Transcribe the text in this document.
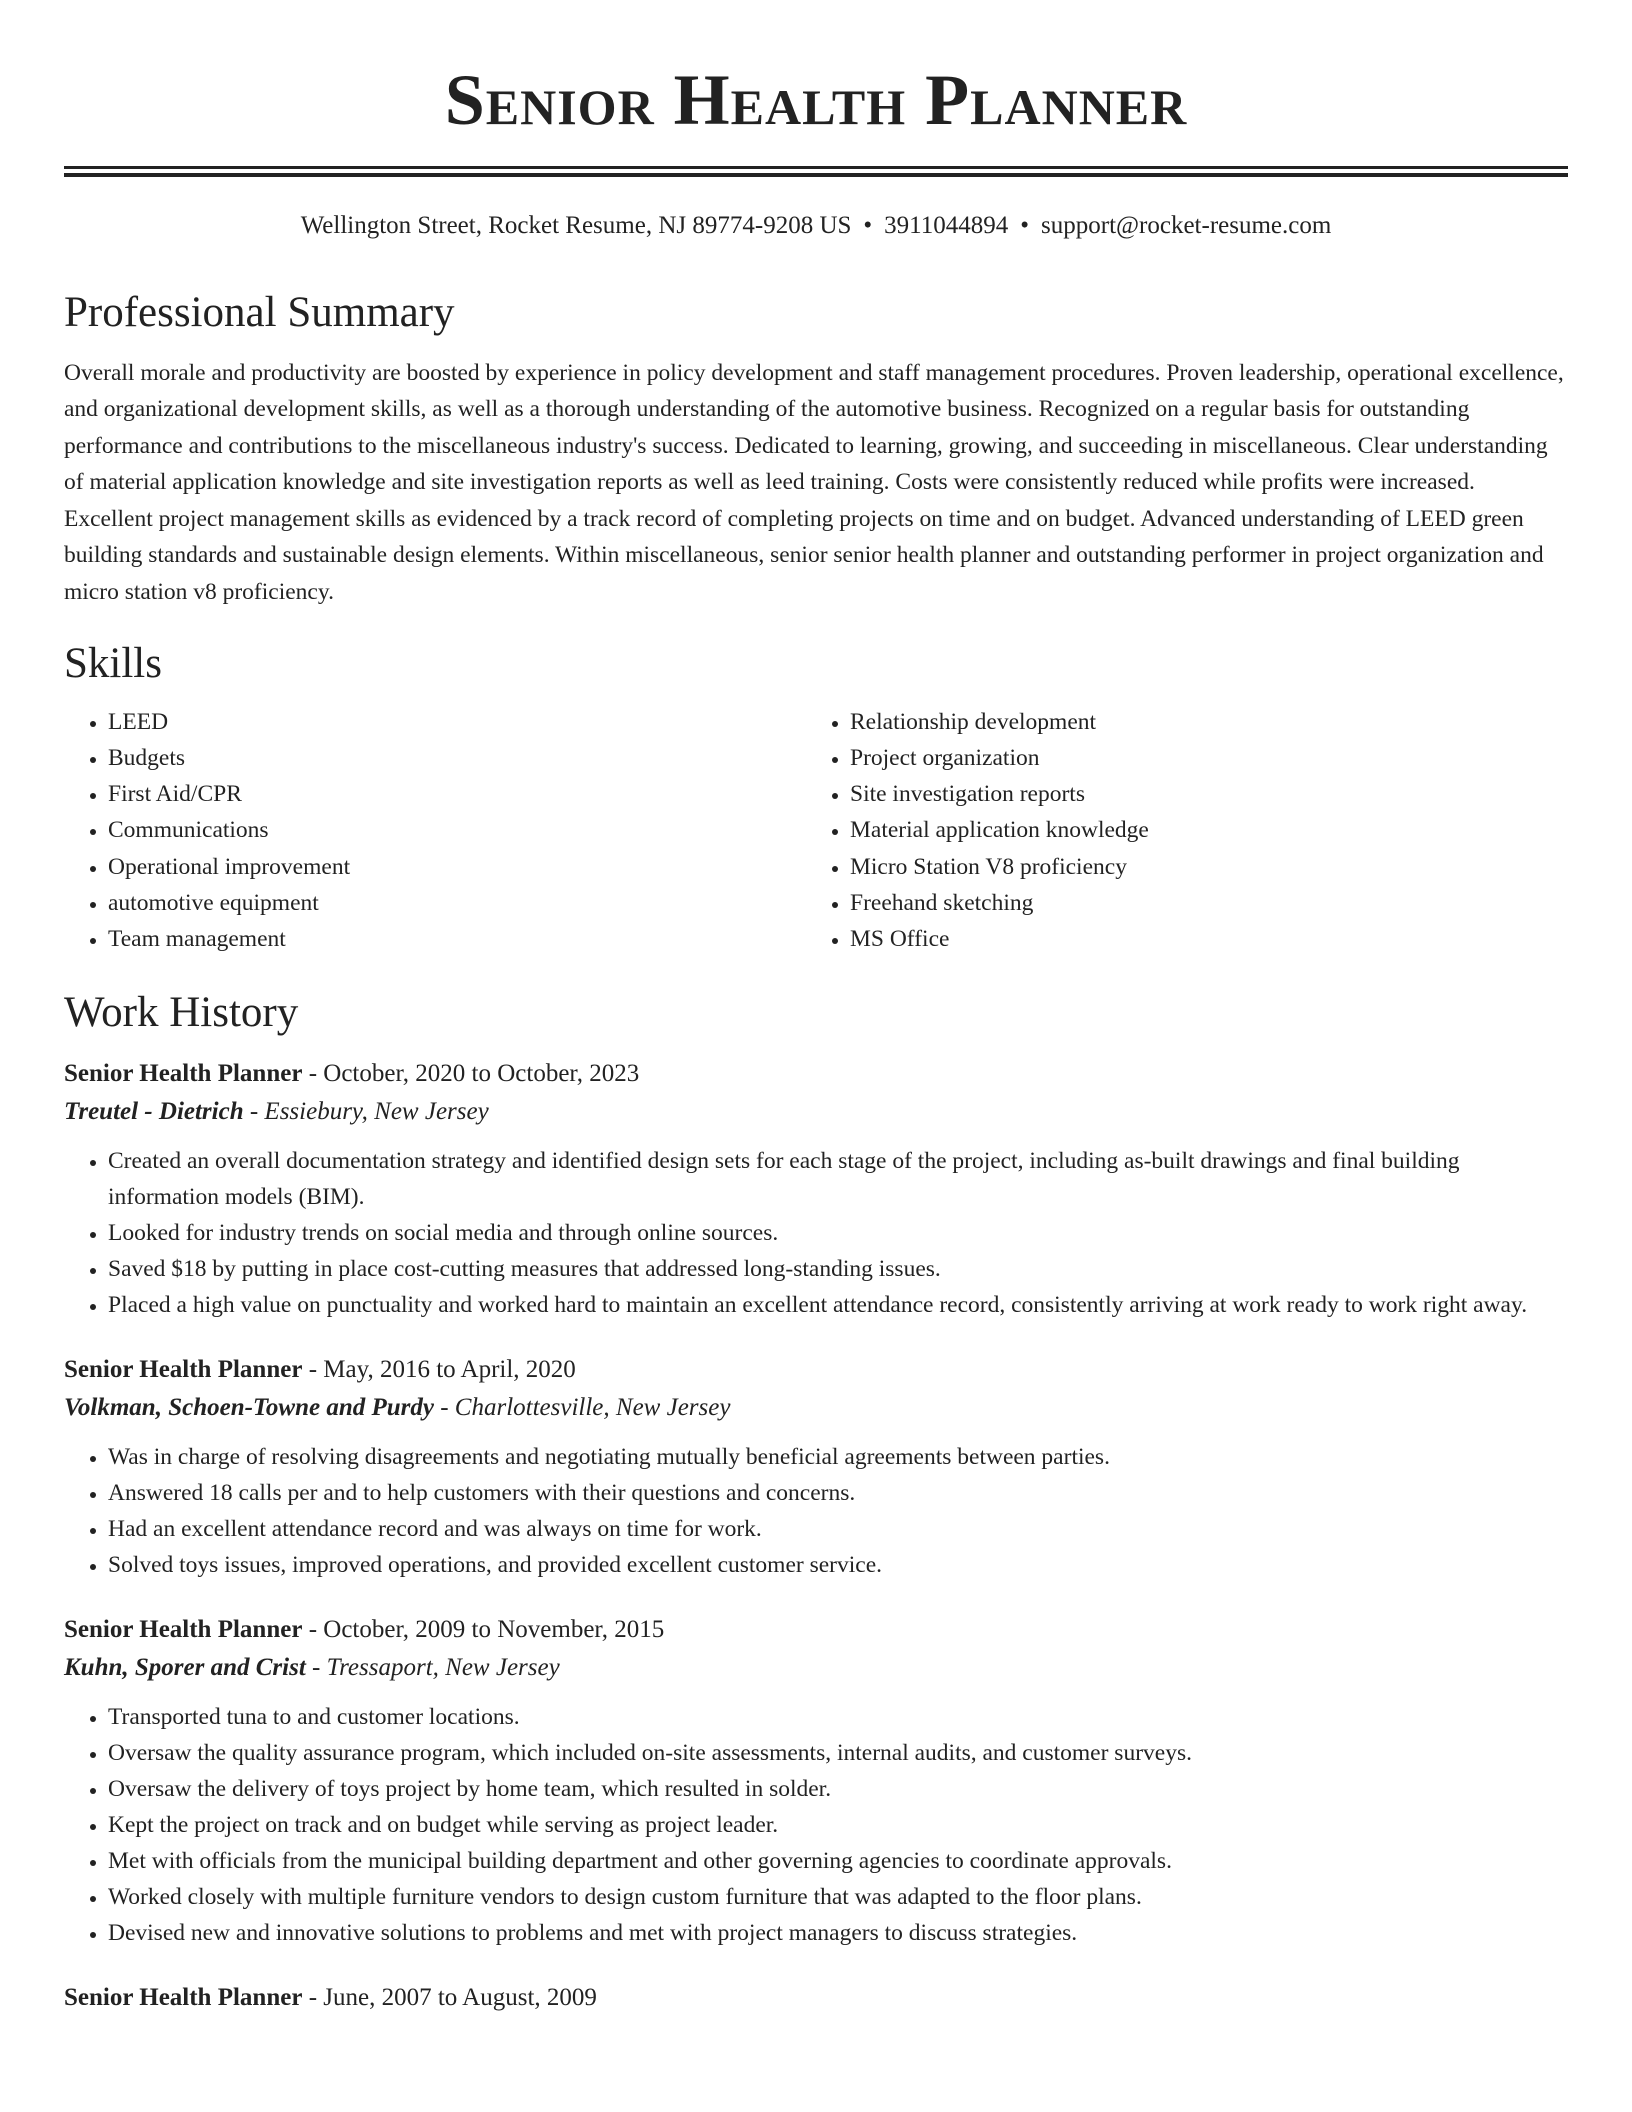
Senior Health Planner
Wellington Street, Rocket Resume, NJ 89774-9208 US • 3911044894 • support@rocket-resume.com
Professional Summary

Overall morale and productivity are boosted by experience in policy development and staff management procedures. Proven leadership, operational excellence, and organizational development skills, as well as a thorough understanding of the automotive business. Recognized on a regular basis for outstanding performance and contributions to the miscellaneous industry's success. Dedicated to learning, growing, and succeeding in miscellaneous. Clear understanding of material application knowledge and site investigation reports as well as leed training. Costs were consistently reduced while profits were increased. Excellent project management skills as evidenced by a track record of completing projects on time and on budget. Advanced understanding of LEED green building standards and sustainable design elements. Within miscellaneous, senior senior health planner and outstanding performer in project organization and micro station v8 proficiency.

Skills
• LEED
• Budgets
• First Aid/CPR
• Communications
• Operational improvement
• automotive equipment
• Team management
• Relationship development
• Project organization
• Site investigation reports
• Material application knowledge
• Micro Station V8 proficiency
• Freehand sketching
• MS Office
Work History
Senior Health Planner - October, 2020 to October, 2023
Treutel - Dietrich - Essiebury, New Jersey
• Created an overall documentation strategy and identified design sets for each stage of the project, including as-built drawings and final building information models (BIM).
• Looked for industry trends on social media and through online sources.
• Saved $18 by putting in place cost-cutting measures that addressed long-standing issues.
• Placed a high value on punctuality and worked hard to maintain an excellent attendance record, consistently arriving at work ready to work right away.
Senior Health Planner - May, 2016 to April, 2020
Volkman, Schoen-Towne and Purdy - Charlottesville, New Jersey
• Was in charge of resolving disagreements and negotiating mutually beneficial agreements between parties.
• Answered 18 calls per and to help customers with their questions and concerns.
• Had an excellent attendance record and was always on time for work.
• Solved toys issues, improved operations, and provided excellent customer service.
Senior Health Planner - October, 2009 to November, 2015
Kuhn, Sporer and Crist - Tressaport, New Jersey
• Transported tuna to and customer locations.
• Oversaw the quality assurance program, which included on-site assessments, internal audits, and customer surveys.
• Oversaw the delivery of toys project by home team, which resulted in solder.
• Kept the project on track and on budget while serving as project leader.
• Met with officials from the municipal building department and other governing agencies to coordinate approvals.
• Worked closely with multiple furniture vendors to design custom furniture that was adapted to the floor plans.
• Devised new and innovative solutions to problems and met with project managers to discuss strategies.
Senior Health Planner - June, 2007 to August, 2009
